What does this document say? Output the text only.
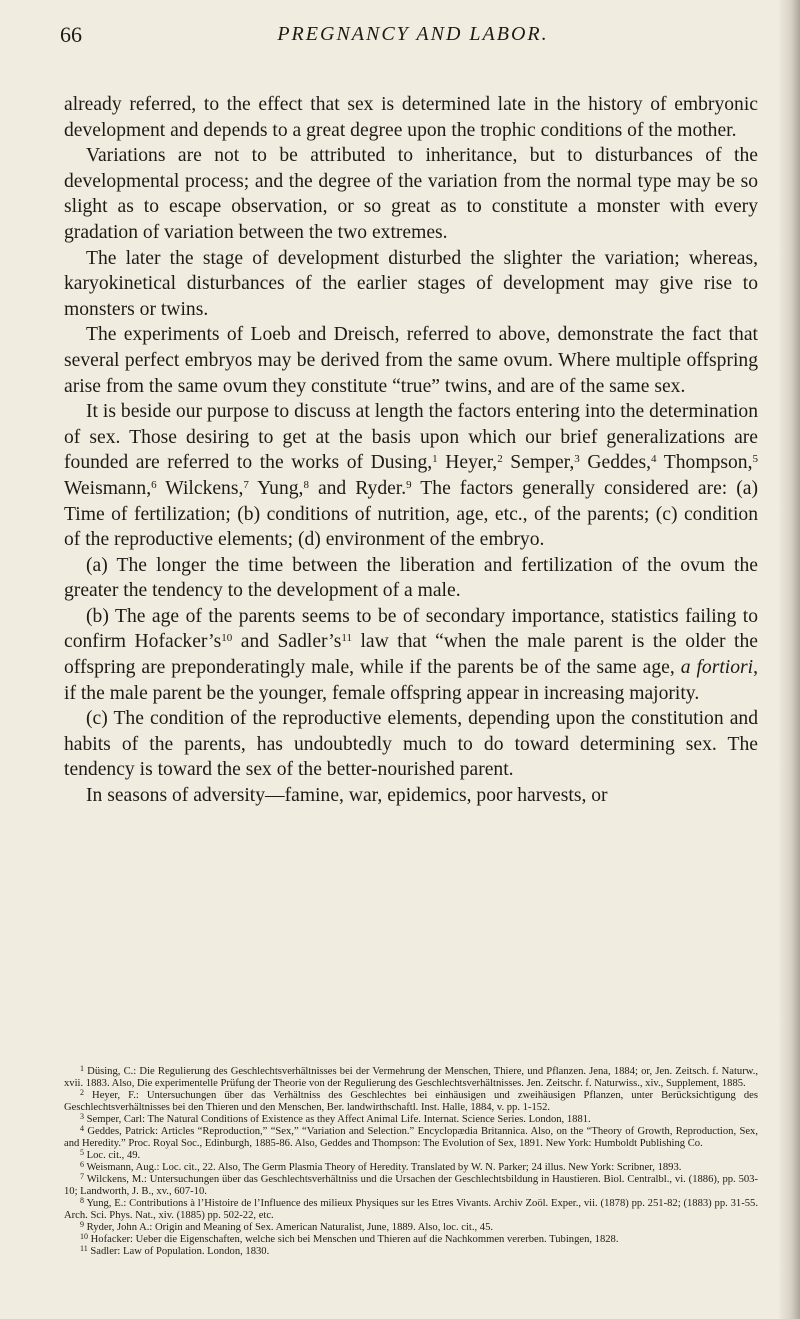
66	PREGNANCY AND LABOR.

already referred, to the effect that sex is determined late in the history of embryonic development and depends to a great degree upon the trophic conditions of the mother.

Variations are not to be attributed to inheritance, but to disturbances of the developmental process; and the degree of the variation from the normal type may be so slight as to escape observation, or so great as to constitute a monster with every gradation of variation between the two extremes.

The later the stage of development disturbed the slighter the variation; whereas, karyokinetical disturbances of the earlier stages of development may give rise to monsters or twins.

The experiments of Loeb and Dreisch, referred to above, demonstrate the fact that several perfect embryos may be derived from the same ovum. Where multiple offspring arise from the same ovum they constitute “true” twins, and are of the same sex.

It is beside our purpose to discuss at length the factors entering into the determination of sex. Those desiring to get at the basis upon which our brief generalizations are founded are referred to the works of Dusing,$^1$ Heyer,$^2$ Semper,$^3$ Geddes,$^4$ Thompson,$^5$ Weismann,$^6$ Wilckens,$^7$ Yung,$^8$ and Ryder.$^9$ The factors generally considered are: (a) Time of fertilization; (b) conditions of nutrition, age, etc., of the parents; (c) condition of the reproductive elements; (d) environment of the embryo.

(a) The longer the time between the liberation and fertilization of the ovum the greater the tendency to the development of a male.

(b) The age of the parents seems to be of secondary importance, statistics failing to confirm $Hofacker’s^{10}$ and $Sadler’s^{11}$ law that “when the male parent is the older the offspring are preponderatingly male, while if the parents be of the same age, a fortiori, if the male parent be the younger, female offspring appear in increasing majority.

(c) The condition of the reproductive elements, depending upon the constitution and habits of the parents, has undoubtedly much to do toward determining sex. The tendency is toward the sex of the better-nourished parent.

In seasons of adversity—famine, war, epidemics, poor harvests, or

$^1$ Düsing, C.: Die Regulierung des Geschlechtsverhältnisses bei der Vermehrung der Menschen, Thiere, und Pflanzen. Jena, 1884; or, Jen. Zeitsch. f. Naturw., xvii. 1883. Also, Die experimentelle Prüfung der Theorie von der Regulierung des Geschlechtsverhältnisses. Jen. Zeitschr. f. Naturwiss., xiv., Supplement, 1885.

$^2$ Heyer, F.: Untersuchungen über das Verhältniss des Geschlechtes bei einhäusigen und zweihäusigen Pflanzen, unter Berücksichtigung des Geschlechtsverhältnisses bei den Thieren und den Menschen, Ber. landwirthschaftl. Inst. Halle, 1884, v. pp. 1-152.

$^3$ Semper, Carl: The Natural Conditions of Existence as they Affect Animal Life. Internat. Science Series. London, 1881.

$^4$ Geddes, Patrick: Articles “Reproduction,” “Sex,” “Variation and Selection.” Encyclopædia Britannica. Also, on the “Theory of Growth, Reproduction, Sex, and Heredity.” Proc. Royal Soc., Edinburgh, 1885-86. Also, Geddes and Thompson: The Evolution of Sex, 1891. New York: Humboldt Publishing Co.

$^5$ Loc. cit., 49.

$^6$ Weismann, Aug.: Loc. cit., 22. Also, The Germ Plasmia Theory of Heredity. Translated by W. N. Parker; 24 illus. New York: Scribner, 1893.

$^7$ Wilckens, M.: Untersuchungen über das Geschlechtsverhältniss und die Ursachen der Geschlechtsbildung in Haustieren. Biol. Centralbl., vi. (1886), pp. 503-10; Landworth, J. B., xv., 607-10.

$^8$ Yung, E.: Contributions à l’Histoire de l’Influence des milieux Physiques sur les Etres Vivants. Archiv Zoöl. Exper., vii. (1878) pp. 251-82; (1883) pp. 31-55. Arch. Sci. Phys. Nat., xiv. (1885) pp. 502-22, etc.

$^9$ Ryder, John A.: Origin and Meaning of Sex. American Naturalist, June, 1889. Also, loc. cit., 45.

$^{10}$ Hofacker: Ueber die Eigenschaften, welche sich bei Menschen und Thieren auf die Nachkommen vererben. Tubingen, 1828.

$^{11}$ Sadler: Law of Population. London, 1830.
